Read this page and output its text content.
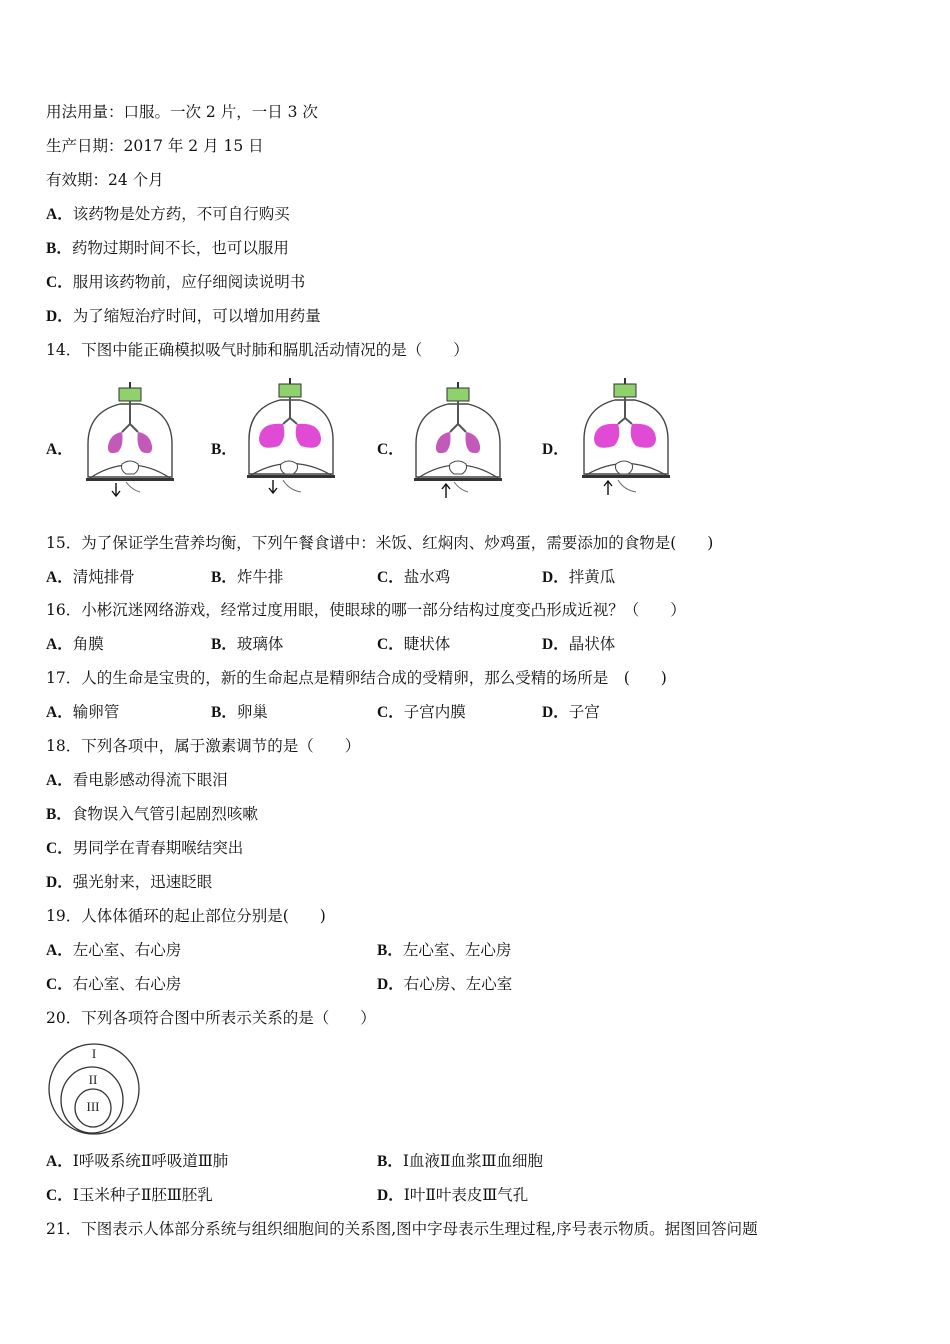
用法用量：口服。一次 2 片，一日 3 次
生产日期：2017 年 2 月 15 日
有效期：24 个月
A．该药物是处方药，不可自行购买
B．药物过期时间不长，也可以服用
C．服用该药物前，应仔细阅读说明书
D．为了缩短治疗时间，可以增加用药量
14．下图中能正确模拟吸气时肺和膈肌活动情况的是（　　）
A．	B．	C．	D．
15．为了保证学生营养均衡，下列午餐食谱中：米饭、红焖肉、炒鸡蛋，需要添加的食物是(　　)
A．清炖排骨	B．炸牛排	C．盐水鸡	D．拌黄瓜
16．小彬沉迷网络游戏，经常过度用眼，使眼球的哪一部分结构过度变凸形成近视？（　　）
A．角膜	B．玻璃体	C．睫状体	D．晶状体
17．人的生命是宝贵的，新的生命起点是精卵结合成的受精卵，那么受精的场所是　(　　)
A．输卵管	B．卵巢	C．子宫内膜	D．子宫
18．下列各项中，属于激素调节的是（　　）
A．看电影感动得流下眼泪
B．食物误入气管引起剧烈咳嗽
C．男同学在青春期喉结突出
D．强光射来，迅速眨眼
19．人体体循环的起止部位分别是(　　)
A．左心室、右心房	B．左心室、左心房
C．右心室、右心房	D．右心房、左心室
20．下列各项符合图中所表示关系的是（　　）
I
II
III
A．Ⅰ呼吸系统Ⅱ呼吸道Ⅲ肺	B．Ⅰ血液Ⅱ血浆Ⅲ血细胞
C．Ⅰ玉米种子Ⅱ胚Ⅲ胚乳	D．Ⅰ叶Ⅱ叶表皮Ⅲ气孔
21．下图表示人体部分系统与组织细胞间的关系图,图中字母表示生理过程,序号表示物质。据图回答问题
